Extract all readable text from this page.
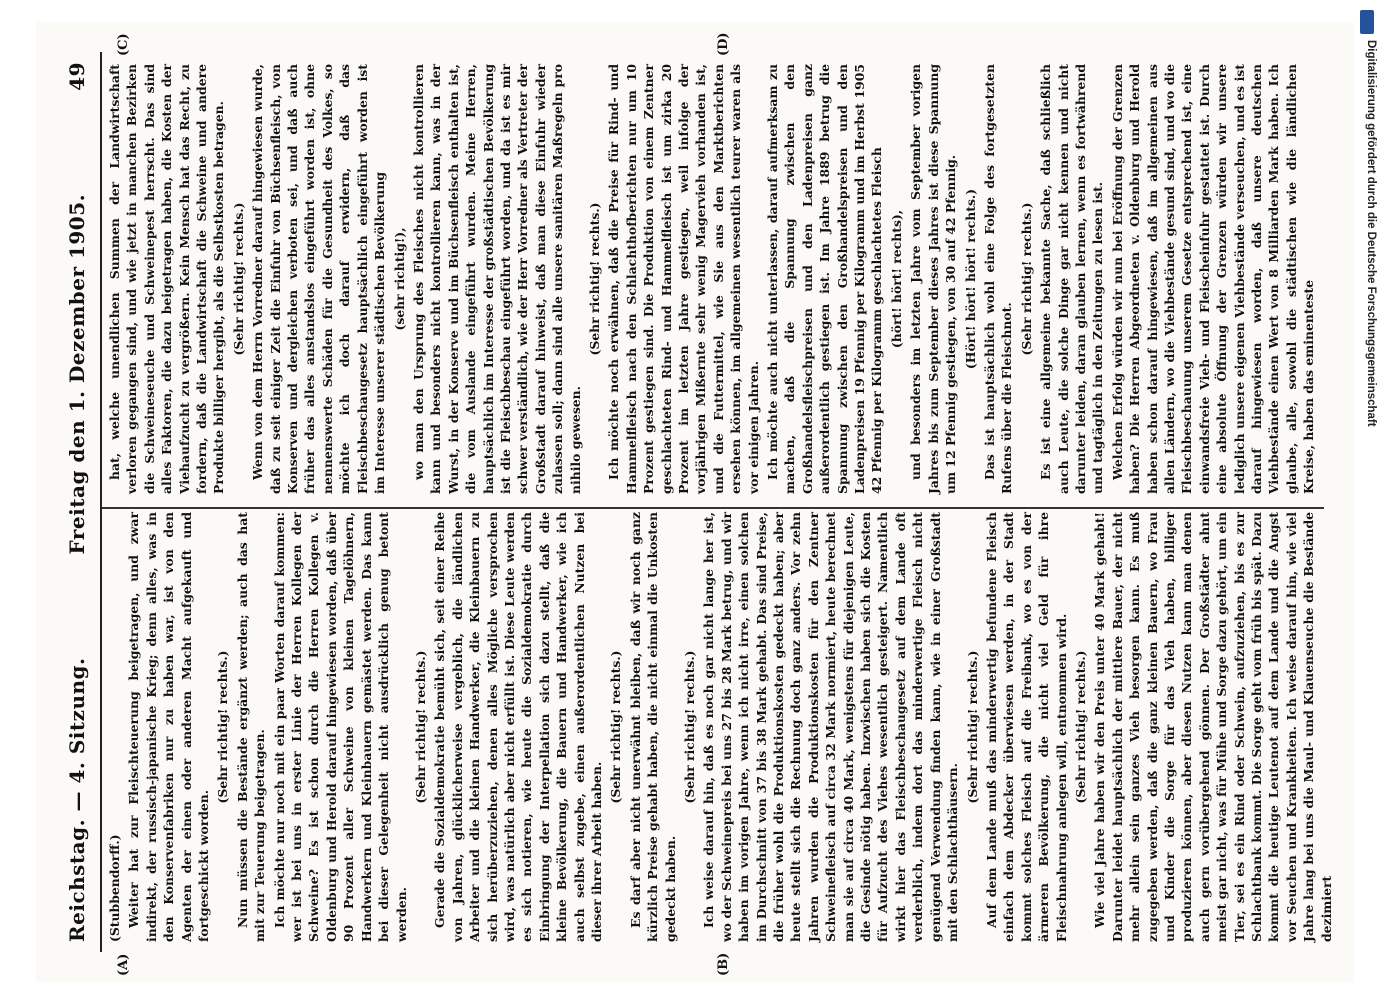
Reichstag. — 4. Sitzung.
Freitag den 1. Dezember 1905.
49

(Stubbendorff.) Weiter hat zur Fleischteuerung beigetragen, und zwar indirekt, der russisch-japanische Krieg; denn alles, was in den Konservenfabriken nur zu haben war, ist von den Agenten der einen oder anderen Macht aufgekauft und fortgeschickt worden.

(Sehr richtig! rechts.) Nun müssen die Bestände ergänzt werden; auch das hat mit zur Teuerung beigetragen. Ich möchte nur noch mit ein paar Worten darauf kommen: wer ist bei uns in erster Linie der Herren Kollegen der Schweine? Es ist schon durch die Herren Kollegen v. Oldenburg und Herold darauf hingewiesen worden, daß über 90 Prozent aller Schweine von kleinen Tagelöhnern, Handwerkern und Kleinbauern gemästet werden. Das kann bei dieser Gelegenheit nicht ausdrücklich genug betont werden.

(Sehr richtig! rechts.) Gerade die Sozialdemokratie bemüht sich, seit einer Reihe von Jahren, glücklicherweise vergeblich, die ländlichen Arbeiter und die kleinen Handwerker, die Kleinbauern zu sich herüberzuziehen, denen alles Mögliche versprochen wird, was natürlich aber nicht erfüllt ist. Diese Leute werden es sich notieren, wie heute die Sozialdemokratie durch Einbringung der Interpellation sich dazu stellt, daß die kleine Bevölkerung, die Bauern und Handwerker, wie ich auch selbst zugebe, einen außerordentlichen Nutzen bei dieser ihrer Arbeit haben.

(Sehr richtig! rechts.) Es darf aber nicht unerwähnt bleiben, daß wir noch ganz kürzlich Preise gehabt haben, die nicht einmal die Unkosten gedeckt haben.

(Sehr richtig! rechts.) Ich weise darauf hin, daß es noch gar nicht lange her ist, wo der Schweinepreis bei uns 27 bis 28 Mark betrug, und wir haben im vorigen Jahre, wenn ich nicht irre, einen solchen im Durchschnitt von 37 bis 38 Mark gehabt. Das sind Preise, die früher wohl die Produktionskosten gedeckt haben; aber heute stellt sich die Rechnung doch ganz anders. Vor zehn Jahren wurden die Produktionskosten für den Zentner Schweinefleisch auf circa 32 Mark normiert, heute berechnet man sie auf circa 40 Mark, wenigstens für diejenigen Leute, die Gesinde nötig haben. Inzwischen haben sich die Kosten für Aufzucht des Viehes wesentlich gesteigert. Namentlich wirkt hier das Fleischbeschaugesetz auf dem Lande oft verderblich, indem dort das minderwertige Fleisch nicht genügend Verwendung finden kann, wie in einer Großstadt mit den Schlachthäusern.

(Sehr richtig! rechts.) Auf dem Lande muß das minderwertig befundene Fleisch einfach dem Abdecker überwiesen werden, in der Stadt kommt solches Fleisch auf die Freibank, wo es von der ärmeren Bevölkerung, die nicht viel Geld für ihre Fleischnahrung anlegen will, entnommen wird. (Sehr richtig! rechts.) Wie viel Jahre haben wir den Preis unter 40 Mark gehabt! Darunter leidet hauptsächlich der mittlere Bauer, der nicht mehr allein sein ganzes Vieh besorgen kann. Es muß zugegeben werden, daß die ganz kleinen Bauern, wo Frau und Kinder die Sorge für das Vieh haben, billiger produzieren können, aber diesen Nutzen kann man denen auch gern vorübergehend gönnen. Der Großstädter ahnt meist gar nicht, was für Mühe und Sorge dazu gehört, um ein Tier, sei es ein Rind oder Schwein, aufzuziehen, bis es zur Schlachtbank kommt. Die Sorge geht vom früh bis spät. Dazu kommt die heutige Leutenot auf dem Lande und die Angst vor Seuchen und Krankheiten. Ich weise darauf hin, wie viel Jahre lang bei uns die Maul- und Klauenseuche die Bestände dezimiert

hat, welche unendlichen Summen der Landwirtschaft verloren gegangen sind, und wie jetzt in manchen Bezirken die Schweineseuche und Schweinepest herrscht. Das sind alles Faktoren, die dazu beigetragen haben, die Kosten der Viehaufzucht zu vergrößern. Kein Mensch hat das Recht, zu fordern, daß die Landwirtschaft die Schweine und andere Produkte billiger hergibt, als die Selbstkosten betragen. (Sehr richtig! rechts.) Wenn von dem Herrn Vorredner darauf hingewiesen wurde, daß zu seit einiger Zeit die Einfuhr von Büchsenfleisch, von Konserven und dergleichen verboten sei, und daß auch früher das alles anstandslos eingeführt worden ist, ohne nennenswerte Schäden für die Gesundheit des Volkes, so möchte ich doch darauf erwidern, daß das Fleischbeschaugesetz hauptsächlich eingeführt worden ist im Interesse unserer städtischen Bevölkerung (sehr richtig!), wo man den Ursprung des Fleisches nicht kontrollieren kann und besonders nicht kontrollieren kann, was in der Wurst, in der Konserve und im Büchsenfleisch enthalten ist, die vom Auslande eingeführt wurden. Meine Herren, hauptsächlich im Interesse der großstädtischen Bevölkerung ist die Fleischbeschau eingeführt worden, und da ist es mir schwer verständlich, wie der Herr Vorredner als Vertreter der Großstadt darauf hinweist, daß man diese Einfuhr wieder zulassen soll; dann sind alle unsere sanitären Maßregeln pro nihilo gewesen.

(Sehr richtig! rechts.) Ich möchte noch erwähnen, daß die Preise für Rind- und Hammelfleisch nach den Schlachthofberichten nur um 10 Prozent gestiegen sind. Die Produktion von einem Zentner geschlachteten Rind- und Hammelfleisch ist um zirka 20 Prozent im letzten Jahre gestiegen, weil infolge der vorjährigen Mißernte sehr wenig Magervieh vorhanden ist, und die Futtermittel, wie Sie aus den Marktberichten ersehen können, im allgemeinen wesentlich teurer waren als vor einigen Jahren. Ich möchte auch nicht unterlassen, darauf aufmerksam zu machen, daß die Spannung zwischen den Großhandelsfleischpreisen und den Ladenpreisen ganz außerordentlich gestiegen ist. Im Jahre 1889 betrug die Spannung zwischen den Großhandelspreisen und den Ladenpreisen 19 Pfennig per Kilogramm und im Herbst 1905 42 Pfennig per Kilogramm geschlachtetes Fleisch (hört! hört! rechts), und besonders im letzten Jahre vom September vorigen Jahres bis zum September dieses Jahres ist diese Spannung um 12 Pfennig gestiegen, von 30 auf 42 Pfennig. (Hört! hört! hört! rechts.) Das ist hauptsächlich wohl eine Folge des fortgesetzten Rufens über die Fleischnot.

(Sehr richtig! rechts.) Es ist eine allgemeine bekannte Sache, daß schließlich auch Leute, die solche Dinge gar nicht kennen und nicht darunter leiden, daran glauben lernen, wenn es fortwährend und tagtäglich in den Zeitungen zu lesen ist. Welchen Erfolg würden wir nun bei Eröffnung der Grenzen haben? Die Herren Abgeordneten v. Oldenburg und Herold haben schon darauf hingewiesen, daß im allgemeinen aus allen Ländern, wo die Viehbestände gesund sind, und wo die Fleischbeschauung unserem Gesetze entsprechend ist, eine einwandsfreie Vieh- und Fleischeinfuhr gestattet ist. Durch eine absolute Öffnung der Grenzen würden wir unsere lediglich unsere eigenen Viehbestände verseuchen, und es ist darauf hingewiesen worden, daß unsere deutschen Viehbestände einen Wert von 8 Milliarden Mark haben. Ich glaube, alle, sowohl die städtischen wie die ländlichen Kreise, haben das eminenteste

(A)	(B)
(C)	(D)	Digitalisierung gefördert durch die Deutsche Forschungsgemeinschaft
